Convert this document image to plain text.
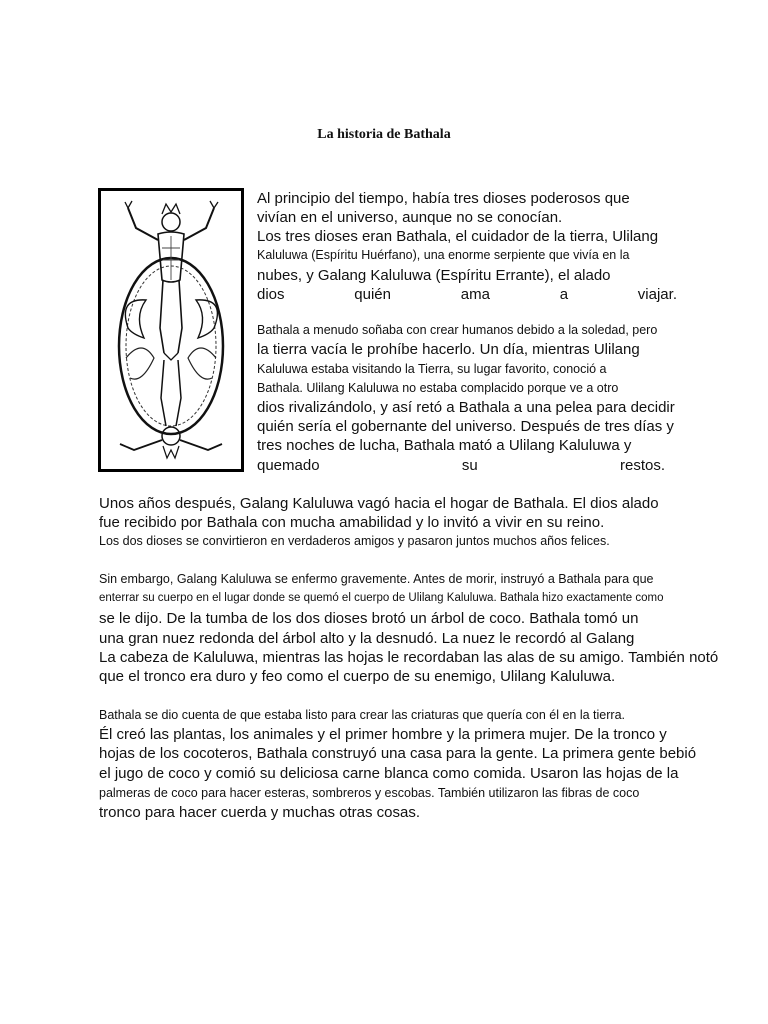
La historia de Bathala

Al principio del tiempo, había tres dioses poderosos que

vivían en el universo, aunque no se conocían.

Los tres dioses eran Bathala, el cuidador de la tierra, Ulilang

Kaluluwa (Espíritu Huérfano), una enorme serpiente que vivía en la

nubes, y Galang Kaluluwa (Espíritu Errante), el alado

dios quién ama a viajar.

Bathala a menudo soñaba con crear humanos debido a la soledad, pero

la tierra vacía le prohíbe hacerlo. Un día, mientras Ulilang

Kaluluwa estaba visitando la Tierra, su lugar favorito, conoció a

Bathala. Ulilang Kaluluwa no estaba complacido porque ve a otro

dios rivalizándolo, y así retó a Bathala a una pelea para decidir

quién sería el gobernante del universo. Después de tres días y

tres noches de lucha, Bathala mató a Ulilang Kaluluwa y

quemado su restos.

Unos años después, Galang Kaluluwa vagó hacia el hogar de Bathala. El dios alado

fue recibido por Bathala con mucha amabilidad y lo invitó a vivir en su reino.

Los dos dioses se convirtieron en verdaderos amigos y pasaron juntos muchos años felices.

Sin embargo, Galang Kaluluwa se enfermo gravemente. Antes de morir, instruyó a Bathala para que

enterrar su cuerpo en el lugar donde se quemó el cuerpo de Ulilang Kaluluwa. Bathala hizo exactamente como

se le dijo. De la tumba de los dos dioses brotó un árbol de coco. Bathala tomó un

una gran nuez redonda del árbol alto y la desnudó. La nuez le recordó al Galang

La cabeza de Kaluluwa, mientras las hojas le recordaban las alas de su amigo. También notó

que el tronco era duro y feo como el cuerpo de su enemigo, Ulilang Kaluluwa.

Bathala se dio cuenta de que estaba listo para crear las criaturas que quería con él en la tierra.

Él creó las plantas, los animales y el primer hombre y la primera mujer. De la tronco y

hojas de los cocoteros, Bathala construyó una casa para la gente. La primera gente bebió

el jugo de coco y comió su deliciosa carne blanca como comida. Usaron las hojas de la

palmeras de coco para hacer esteras, sombreros y escobas. También utilizaron las fibras de coco

tronco para hacer cuerda y muchas otras cosas.
